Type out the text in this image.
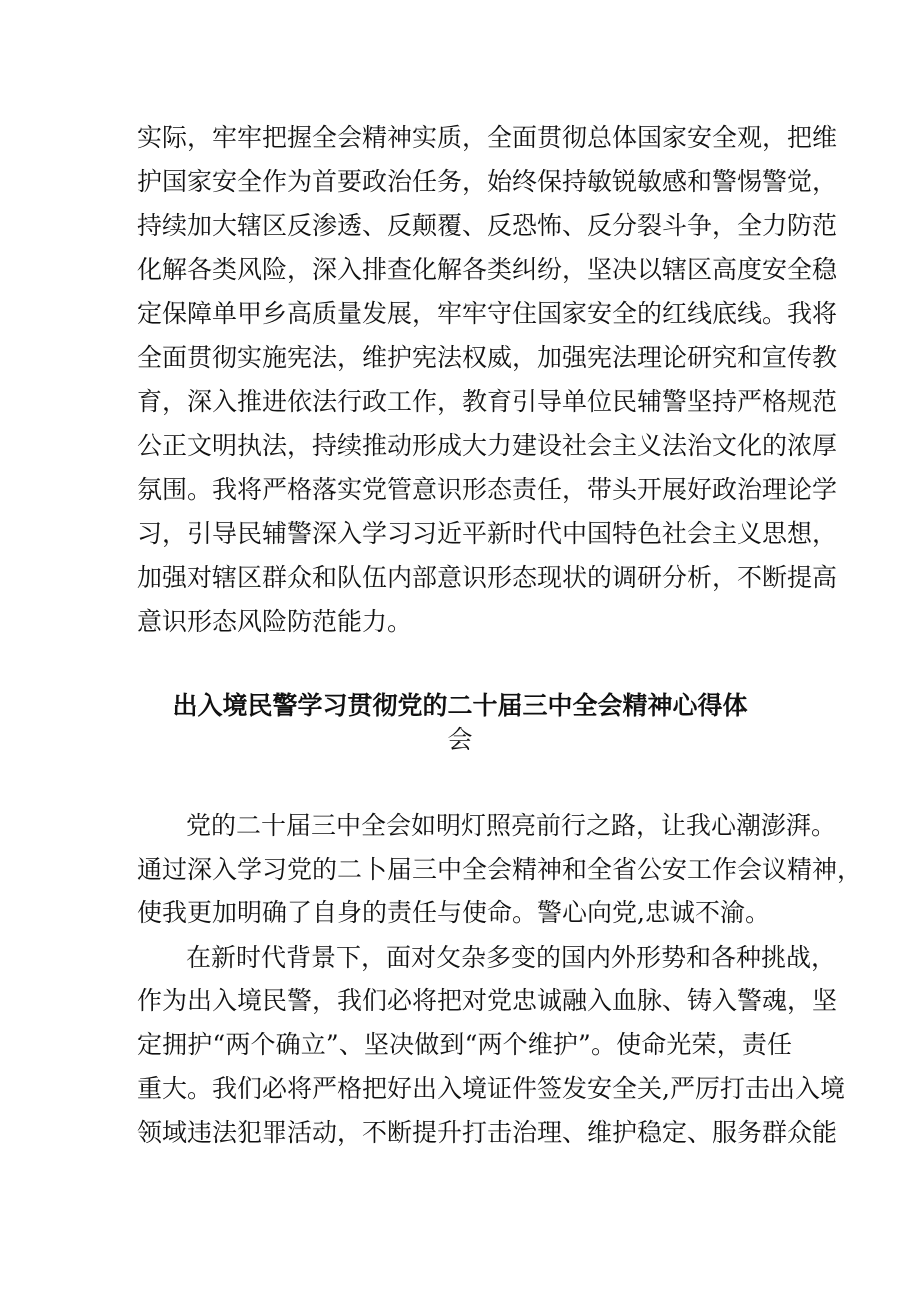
实际，牢牢把握全会精神实质，全面贯彻总体国家安全观，把维
护国家安全作为首要政治任务，始终保持敏锐敏感和警惕警觉，
持续加大辖区反渗透、反颠覆、反恐怖、反分裂斗争，全力防范
化解各类风险，深入排查化解各类纠纷，坚决以辖区高度安全稳
定保障单甲乡高质量发展，牢牢守住国家安全的红线底线。我将
全面贯彻实施宪法，维护宪法权威，加强宪法理论研究和宣传教
育，深入推进依法行政工作，教育引导单位民辅警坚持严格规范
公正文明执法，持续推动形成大力建设社会主义法治文化的浓厚
氛围。我将严格落实党管意识形态责任，带头开展好政治理论学
习，引导民辅警深入学习习近平新时代中国特色社会主义思想，
加强对辖区群众和队伍内部意识形态现状的调研分析，不断提高
意识形态风险防范能力。
出入境民警学习贯彻党的二十届三中全会精神心得体
会
党的二十届三中全会如明灯照亮前行之路，让我心潮澎湃。
通过深入学习党的二卜届三中全会精神和全省公安工作会议精神，
使我更加明确了自身的责任与使命。警心向党,忠诚不渝。
在新时代背景下，面对攵杂多变的国内外形势和各种挑战，
作为出入境民警，我们必将把对党忠诚融入血脉、铸入警魂，坚
定拥护“两个确立”、坚决做到“两个维护”。使命光荣，责任
重大。我们必将严格把好出入境证件签发安全关,严厉打击出入境
领域违法犯罪活动，不断提升打击治理、维护稳定、服务群众能
